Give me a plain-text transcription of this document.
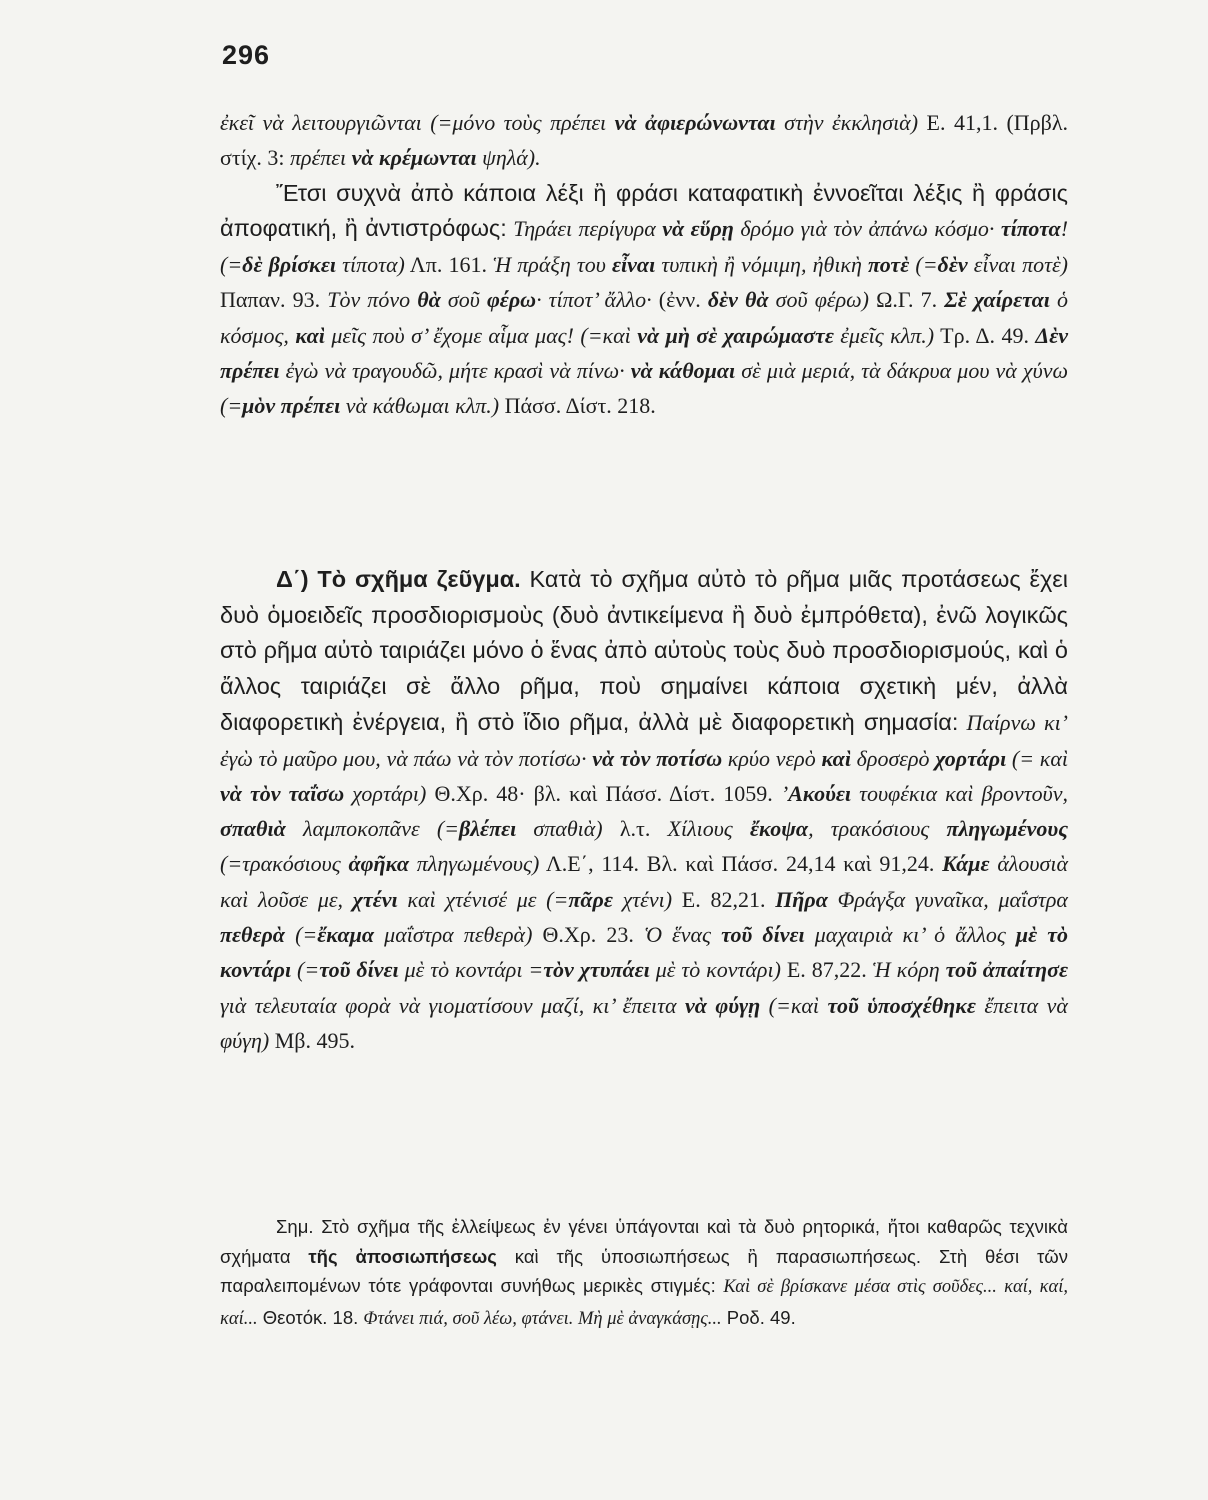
296

ἐκεῖ νὰ λειτουργιῶνται (=μόνο τοὺς πρέπει νὰ ἀφιερώνωνται στὴν ἐκκλησιὰ) Ε. 41,1. (Πρβλ. στίχ. 3: πρέπει νὰ κρέμωνται ψηλά).

Ἔτσι συχνὰ ἀπὸ κάποια λέξι ἢ φράσι καταφατικὴ ἐννοεῖται λέξις ἢ φράσις ἀποφατική, ἢ ἀντιστρόφως: Τηράει περίγυρα νὰ εὕρῃ δρόμο γιὰ τὸν ἀπάνω κόσμο· τίποτα! (=δὲ βρίσκει τίποτα) Λπ. 161. Ἡ πράξη του εἶναι τυπικὴ ἢ νόμιμη, ἠθικὴ ποτὲ (=δὲν εἶναι ποτὲ) Παπαν. 93. Τὸν πόνο θὰ σοῦ φέρω· τίποτ’ ἄλλο· (ἐνν. δὲν θὰ σοῦ φέρω) Ω.Γ. 7. Σὲ χαίρεται ὁ κόσμος, καὶ μεῖς ποὺ σ’ ἔχομε αἷμα μας! (=καὶ νὰ μὴ σὲ χαιρώμαστε ἐμεῖς κλπ.) Τρ. Δ. 49. Δὲν πρέπει ἐγὼ νὰ τραγουδῶ, μήτε κρασὶ νὰ πίνω· νὰ κάθομαι σὲ μιὰ μεριά, τὰ δάκρυα μου νὰ χύνω (=μὸν πρέπει νὰ κάθωμαι κλπ.) Πάσσ. Δίστ. 218.

Δ΄) Τὸ σχῆμα ζεῦγμα. Κατὰ τὸ σχῆμα αὐτὸ τὸ ρῆμα μιᾶς προτάσεως ἔχει δυὸ ὁμοειδεῖς προσδιορισμοὺς (δυὸ ἀντικείμενα ἢ δυὸ ἐμπρόθετα), ἐνῶ λογικῶς στὸ ρῆμα αὐτὸ ταιριάζει μόνο ὁ ἕνας ἀπὸ αὐτοὺς τοὺς δυὸ προσδιορισμούς, καὶ ὁ ἄλλος ταιριάζει σὲ ἄλλο ρῆμα, ποὺ σημαίνει κάποια σχετικὴ μέν, ἀλλὰ διαφορετικὴ ἐνέργεια, ἢ στὸ ἴδιο ρῆμα, ἀλλὰ μὲ διαφορετικὴ σημασία: Παίρνω κι’ ἐγὼ τὸ μαῦρο μου, νὰ πάω νὰ τὸν ποτίσω· νὰ τὸν ποτίσω κρύο νερὸ καὶ δροσερὸ χορτάρι (= καὶ νὰ τὸν ταΐσω χορτάρι) Θ.Χρ. 48· βλ. καὶ Πάσσ. Δίστ. 1059. ’Ακούει τουφέκια καὶ βροντοῦν, σπαθιὰ λαμποκοπᾶνε (=βλέπει σπαθιὰ) λ.τ. Χίλιους ἔκοψα, τρακόσιους πληγωμένους (=τρακόσιους ἀφῆκα πληγωμένους) Λ.Ε΄, 114. Βλ. καὶ Πάσσ. 24,14 καὶ 91,24. Κάμε ἀλουσιὰ καὶ λοῦσε με, χτένι καὶ χτένισέ με (=πᾶρε χτένι) Ε. 82,21. Πῆρα Φράγξα γυναῖκα, μαΐστρα πεθερὰ (=ἔκαμα μαΐστρα πεθερὰ) Θ.Χρ. 23. Ὁ ἕνας τοῦ δίνει μαχαιριὰ κι’ ὁ ἄλλος μὲ τὸ κοντάρι (=τοῦ δίνει μὲ τὸ κοντάρι =τὸν χτυπάει μὲ τὸ κοντάρι) Ε. 87,22. Ἡ κόρη τοῦ ἀπαίτησε γιὰ τελευταία φορὰ νὰ γιοματίσουν μαζί, κι’ ἔπειτα νὰ φύγῃ (=καὶ τοῦ ὑποσχέθηκε ἔπειτα νὰ φύγη) Μβ. 495.

Σημ. Στὸ σχῆμα τῆς ἐλλείψεως ἐν γένει ὑπάγονται καὶ τὰ δυὸ ρητορικά, ἤτοι καθαρῶς τεχνικὰ σχήματα τῆς ἀποσιωπήσεως καὶ τῆς ὑποσιωπήσεως ἢ παρασιωπήσεως. Στὴ θέσι τῶν παραλειπομένων τότε γράφονται συνήθως μερικὲς στιγμές: Καὶ σὲ βρίσκανε μέσα στὶς σοῦδες... καί, καί, καί... Θεοτόκ. 18. Φτάνει πιά, σοῦ λέω, φτάνει. Μὴ μὲ ἀναγκάσῃς... Ροδ. 49.
